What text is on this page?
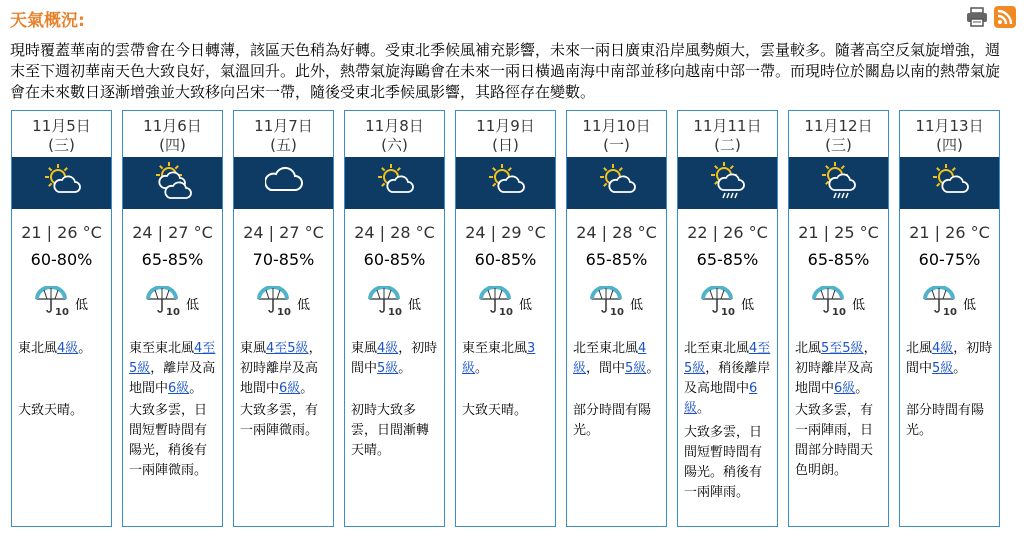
天氣概況:
現時覆蓋華南的雲帶會在今日轉薄，該區天色稍為好轉。受東北季候風補充影響，未來一兩日廣東沿岸風勢頗大，雲量較多。隨著高空反氣旋增強，週末至下週初華南天色大致良好，氣溫回升。此外，熱帶氣旋海鷗會在未來一兩日橫過南海中南部並移向越南中部一帶。而現時位於關島以南的熱帶氣旋會在未來數日逐漸增強並大致移向呂宋一帶，隨後受東北季候風影響，其路徑存在變數。
11月5日
(三)
21 | 26 °C
60-80%
10 低
東北風4級。
大致天晴。
11月6日
(四)
24 | 27 °C
65-85%
10 低
東至東北風4至5級，離岸及高地間中6級。
大致多雲，日間短暫時間有陽光，稍後有一兩陣微雨。
11月7日
(五)
24 | 27 °C
70-85%
10 低
東風4至5級，初時離岸及高地間中6級。
大致多雲，有一兩陣微雨。
11月8日
(六)
24 | 28 °C
60-85%
10 低
東風4級，初時間中5級。
初時大致多雲，日間漸轉天晴。
11月9日
(日)
24 | 29 °C
60-85%
10 低
東至東北風3級。
大致天晴。
11月10日
(一)
24 | 28 °C
65-85%
10 低
北至東北風4級，間中5級。
部分時間有陽光。
11月11日
(二)
22 | 26 °C
65-85%
10 低
北至東北風4至5級，稍後離岸及高地間中6級。
大致多雲，日間短暫時間有陽光。稍後有一兩陣雨。
11月12日
(三)
21 | 25 °C
65-85%
10 低
北風5至5級，初時離岸及高地間中6級。
大致多雲，有一兩陣雨，日間部分時間天色明朗。
11月13日
(四)
21 | 26 °C
60-75%
10 低
北風4級，初時間中5級。
部分時間有陽光。
